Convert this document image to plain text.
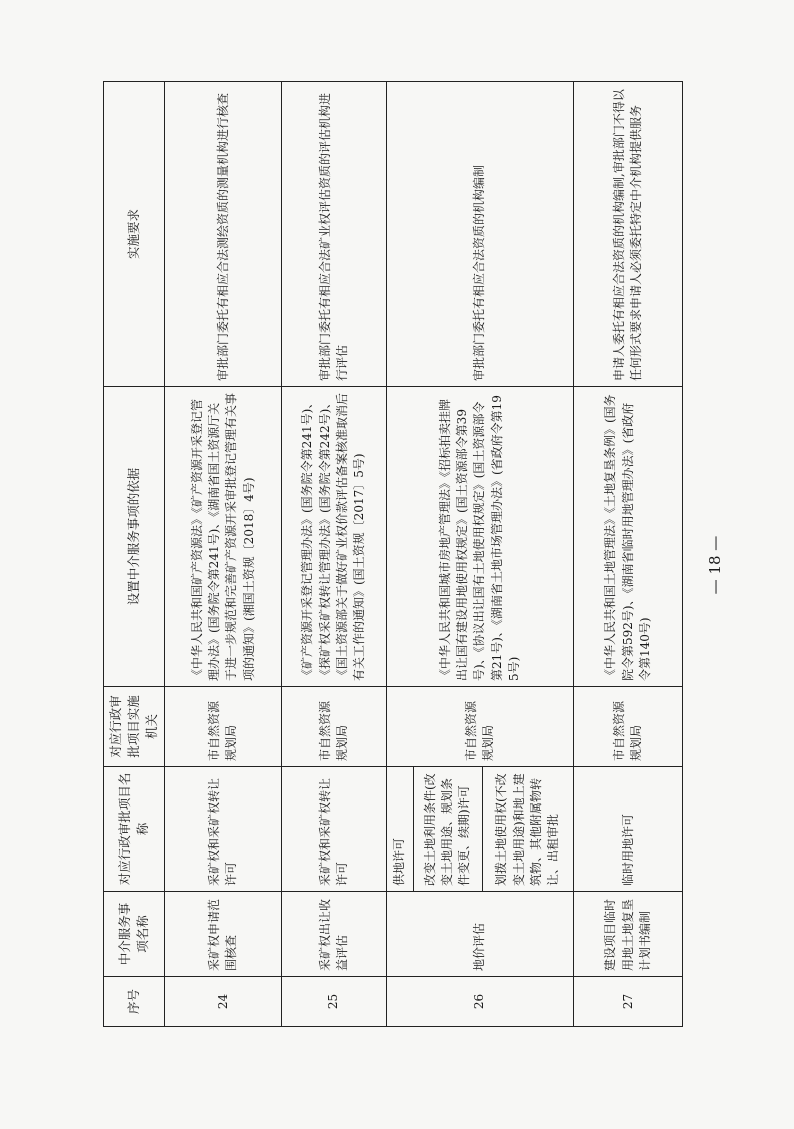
序号	中介服务事项名称	对应行政审批项目名称	对应行政审批项目实施机关	设置中介服务事项的依据	实施要求
24	采矿权申请范围核查	采矿权和采矿权转让许可	市自然资源规划局	《中华人民共和国矿产资源法》《矿产资源开采登记管理办法》(国务院令第241号)、《湖南省国土资源厅关于进一步规范和完善矿产资源开采审批登记管理有关事项的通知》(湘国土资规〔2018〕4号)	审批部门委托有相应合法测绘资质的测量机构进行核查
25	采矿权出让收益评估	采矿权和采矿权转让许可	市自然资源规划局	《矿产资源开采登记管理办法》(国务院令第241号)、《探矿权采矿权转让管理办法》(国务院令第242号)、《国土资源部关于做好矿业权价款评估备案核准取消后有关工作的通知》(国土资规〔2017〕5号)	审批部门委托有相应合法矿业权评估资质的评估机构进行评估
26	地价评估	供地许可	市自然资源规划局	《中华人民共和国城市房地产管理法》《招标拍卖挂牌出让国有建设用地使用权规定》(国土资源部令第39号)、《协议出让国有土地使用权规定》(国土资源部令第21号)、《湖南省土地市场管理办法》(省政府令第195号)	审批部门委托有相应合法资质的机构编制
		改变土地利用条件(改变土地用途、规划条件变更、续期)许可			
		划拨土地使用权(不改变土地用途)和地上建筑物、其他附属物转让、出租审批			
27	建设项目临时用地土地复垦计划书编制	临时用地许可	市自然资源规划局	《中华人民共和国土地管理法》《土地复垦条例》(国务院令第592号)、《湖南省临时用地管理办法》(省政府令第140号)	申请人委托有相应合法资质的机构编制,审批部门不得以任何形式要求申请人必须委托特定中介机构提供服务
— 18 —
